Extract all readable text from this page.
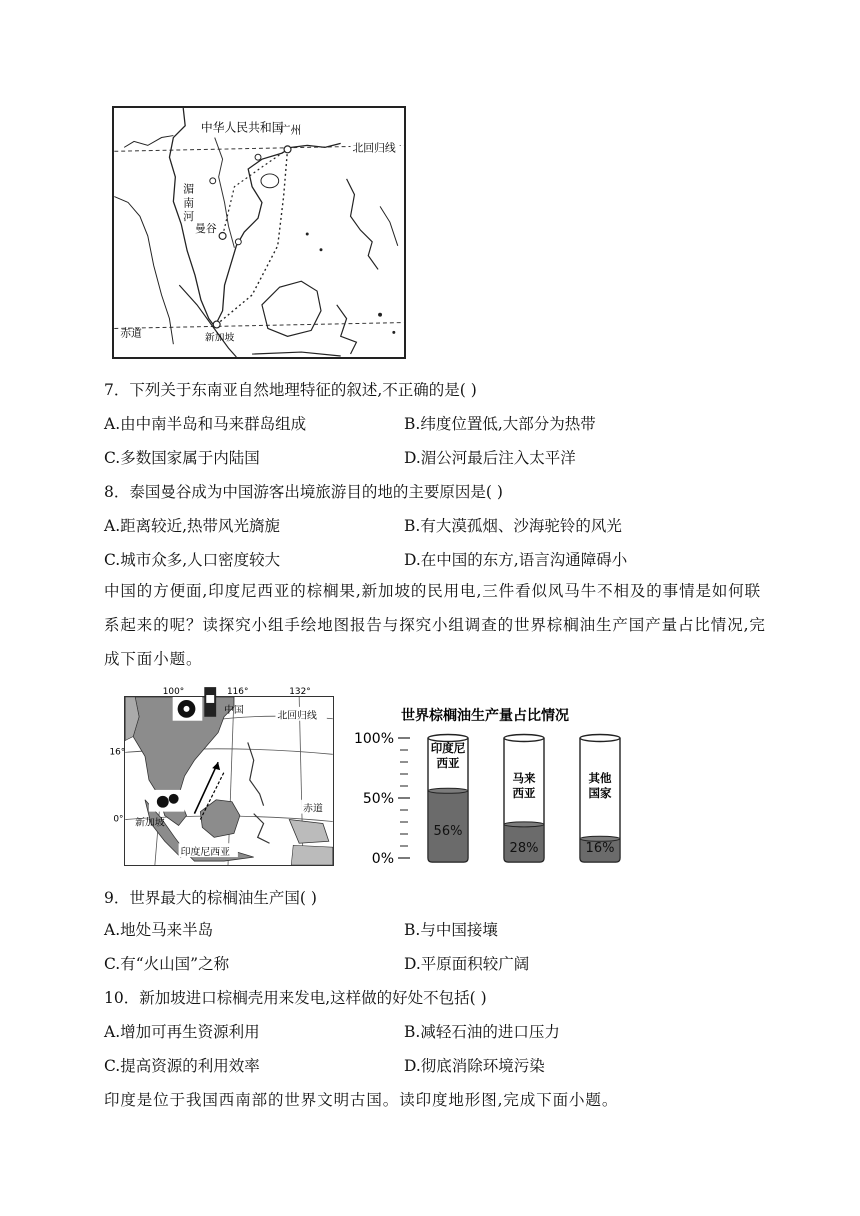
中华人民共和国
广州
北回归线
湄
南
河
曼谷
新加坡
赤道
7．下列关于东南亚自然地理特征的叙述,不正确的是( )
A.由中南半岛和马来群岛组成	B.纬度位置低,大部分为热带
C.多数国家属于内陆国	D.湄公河最后注入太平洋
8．泰国曼谷成为中国游客出境旅游目的地的主要原因是( )
A.距离较近,热带风光旖旎	B.有大漠孤烟、沙海驼铃的风光
C.城市众多,人口密度较大	D.在中国的东方,语言沟通障碍小
中国的方便面,印度尼西亚的棕榈果,新加坡的民用电,三件看似风马牛不相及的事情是如何联系起来的呢？读探究小组手绘地图报告与探究小组调查的世界棕榈油生产国产量占比情况,完成下面小题。
100°	116°	132°
16°
0°
中国
北回归线
赤道
新加坡
印度尼西亚
世界棕榈油生产量占比情况
100%
50%
0%
56%
印度尼
西亚
28%
马来
西亚
16%
其他
国家
9．世界最大的棕榈油生产国( )
A.地处马来半岛	B.与中国接壤
C.有“火山国”之称	D.平原面积较广阔
10．新加坡进口棕榈壳用来发电,这样做的好处不包括( )
A.增加可再生资源利用	B.减轻石油的进口压力
C.提高资源的利用效率	D.彻底消除环境污染
印度是位于我国西南部的世界文明古国。读印度地形图,完成下面小题。
